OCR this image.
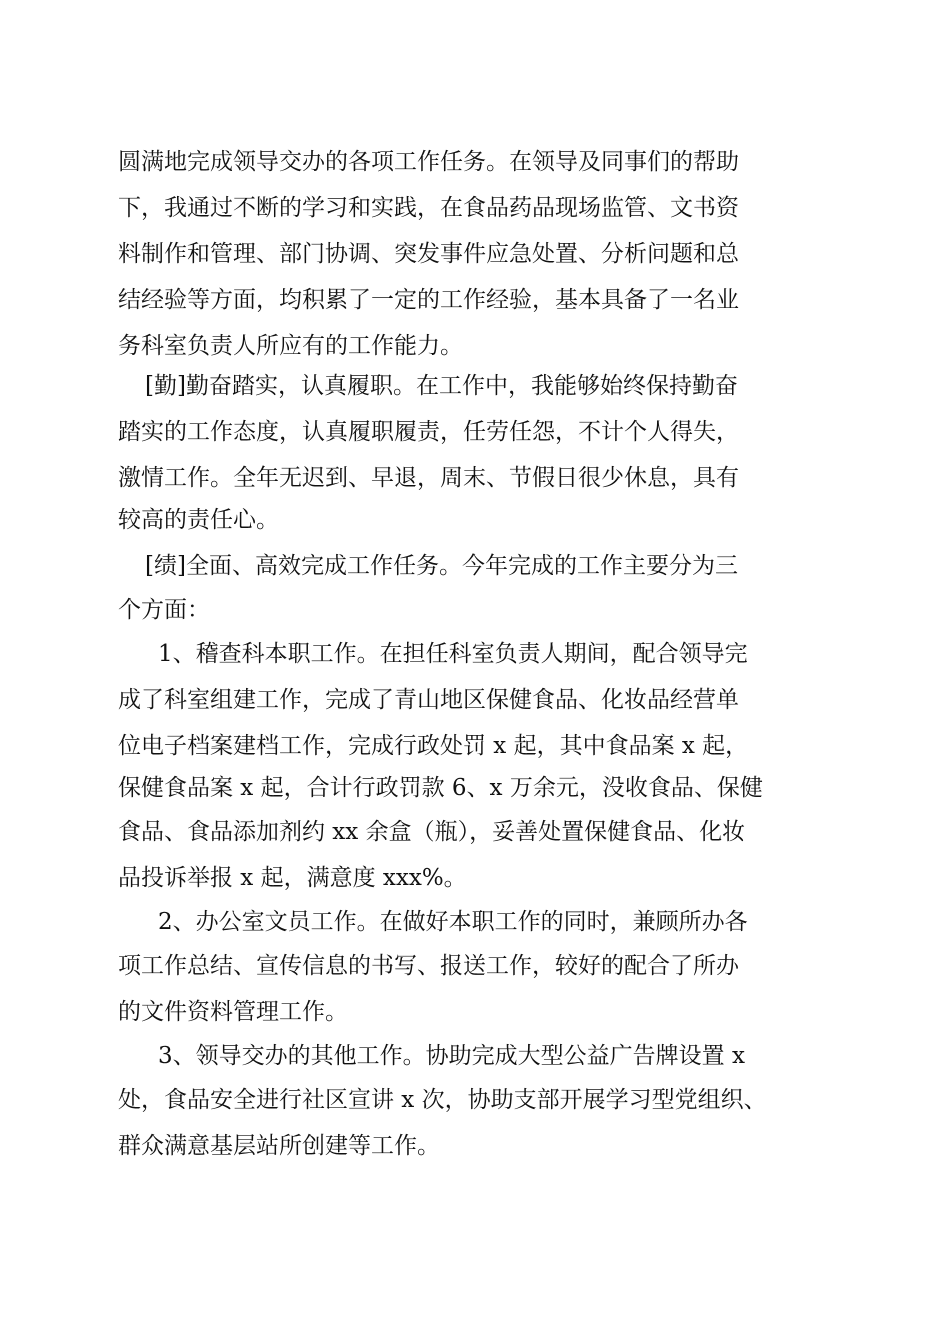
圆满地完成领导交办的各项工作任务。在领导及同事们的帮助
下，我通过不断的学习和实践，在食品药品现场监管、文书资
料制作和管理、部门协调、突发事件应急处置、分析问题和总
结经验等方面，均积累了一定的工作经验，基本具备了一名业
务科室负责人所应有的工作能力。
[勤]勤奋踏实，认真履职。在工作中，我能够始终保持勤奋
踏实的工作态度，认真履职履责，任劳任怨，不计个人得失，
激情工作。全年无迟到、早退，周末、节假日很少休息，具有
较高的责任心。
[绩]全面、高效完成工作任务。今年完成的工作主要分为三
个方面：
1、稽查科本职工作。在担任科室负责人期间，配合领导完
成了科室组建工作，完成了青山地区保健食品、化妆品经营单
位电子档案建档工作，完成行政处罚 x 起，其中食品案 x 起，
保健食品案 x 起，合计行政罚款 6、x 万余元，没收食品、保健
食品、食品添加剂约 xx 余盒（瓶），妥善处置保健食品、化妆
品投诉举报 x 起，满意度 xxx%。
2、办公室文员工作。在做好本职工作的同时，兼顾所办各
项工作总结、宣传信息的书写、报送工作，较好的配合了所办
的文件资料管理工作。
3、领导交办的其他工作。协助完成大型公益广告牌设置 x
处，食品安全进行社区宣讲 x 次，协助支部开展学习型党组织、
群众满意基层站所创建等工作。
